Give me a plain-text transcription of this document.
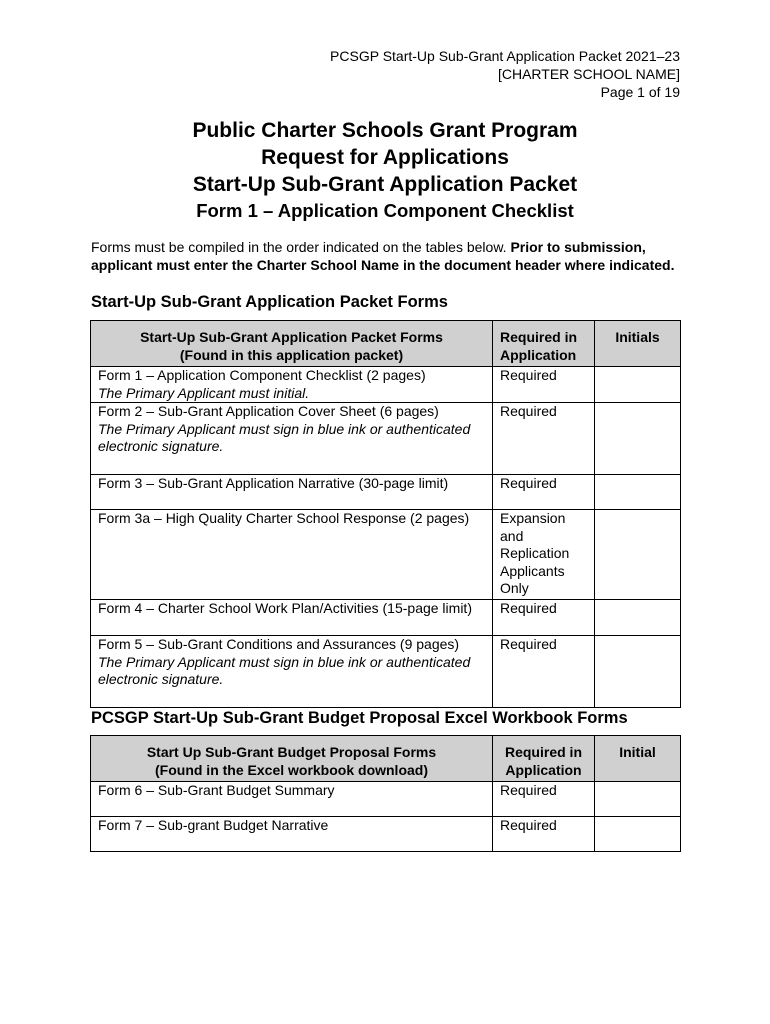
PCSGP Start-Up Sub-Grant Application Packet 2021–23
[CHARTER SCHOOL NAME]
Page 1 of 19
Public Charter Schools Grant Program
Request for Applications
Start-Up Sub-Grant Application Packet
Form 1 – Application Component Checklist
Forms must be compiled in the order indicated on the tables below. Prior to submission, applicant must enter the Charter School Name in the document header where indicated.
Start-Up Sub-Grant Application Packet Forms
Start-Up Sub-Grant Application Packet Forms
(Found in this application packet)	Required in Application	Initials

Form 1 – Application Component Checklist (2 pages)
The Primary Applicant must initial.	Required	

Form 2 – Sub-Grant Application Cover Sheet (6 pages)
The Primary Applicant must sign in blue ink or authenticated electronic signature.	Required	

Form 3 – Sub-Grant Application Narrative (30-page limit)	Required	

Form 3a – High Quality Charter School Response (2 pages)	Expansion and Replication Applicants Only	

Form 4 – Charter School Work Plan/Activities (15-page limit)	Required	

Form 5 – Sub-Grant Conditions and Assurances (9 pages)
The Primary Applicant must sign in blue ink or authenticated electronic signature.	Required	
PCSGP Start-Up Sub-Grant Budget Proposal Excel Workbook Forms
Start Up Sub-Grant Budget Proposal Forms
(Found in the Excel workbook download)	Required in Application	Initial
Form 6 – Sub-Grant Budget Summary	Required	
Form 7 – Sub-grant Budget Narrative	Required	
